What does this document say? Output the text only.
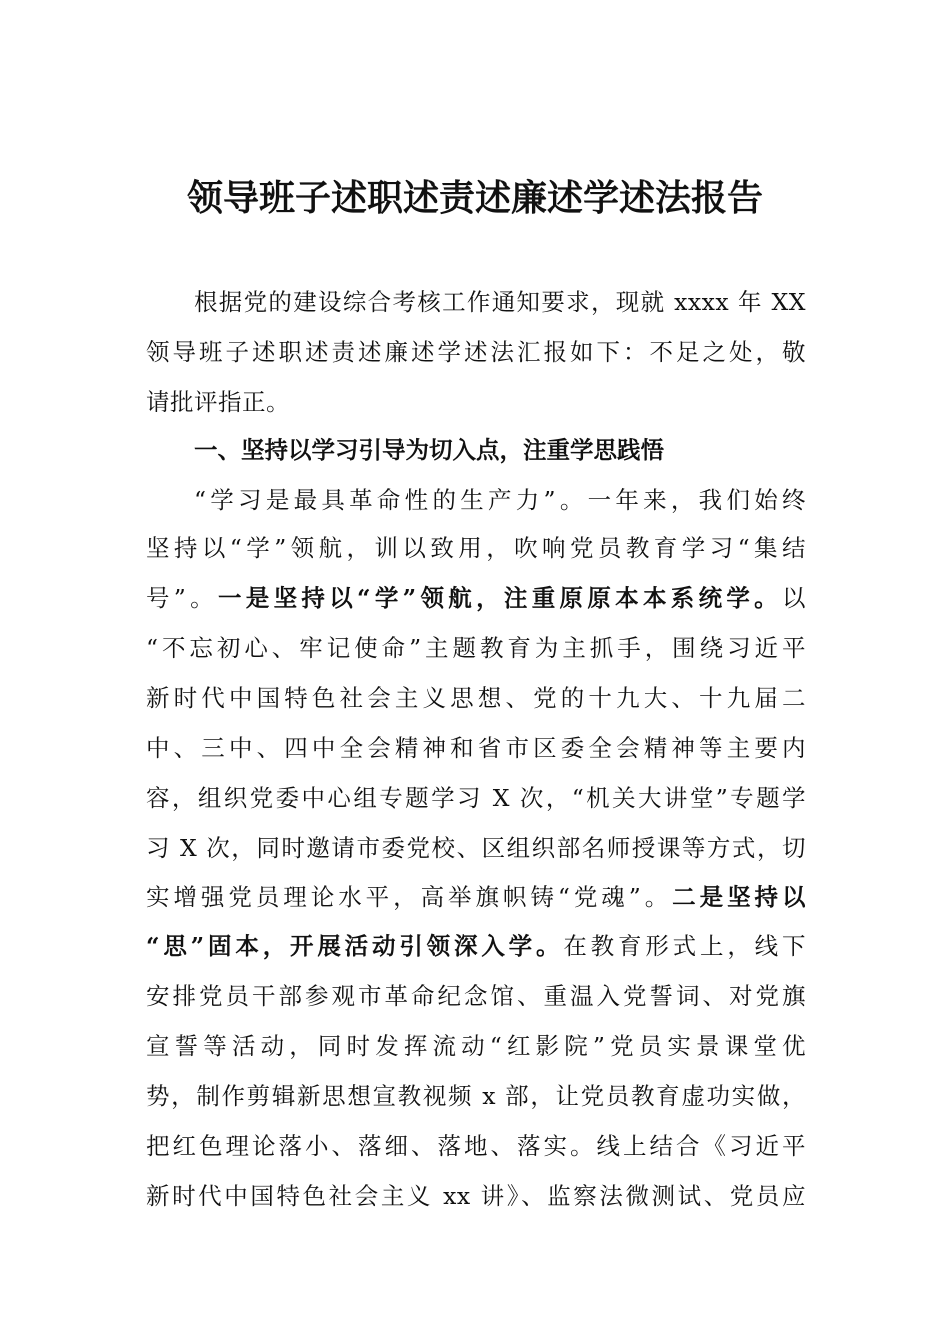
领导班子述职述责述廉述学述法报告
根据党的建设综合考核工作通知要求，现就 xxxx 年 XX
领导班子述职述责述廉述学述法汇报如下：不足之处，敬
请批评指正。
一、坚持以学习引导为切入点，注重学思践悟
“学习是最具革命性的生产力”。一年来，我们始终
坚持以“学”领航，训以致用，吹响党员教育学习“集结
号”。一是坚持以“学”领航，注重原原本本系统学。以
“不忘初心、牢记使命”主题教育为主抓手，围绕习近平
新时代中国特色社会主义思想、党的十九大、十九届二
中、三中、四中全会精神和省市区委全会精神等主要内
容，组织党委中心组专题学习 X 次，“机关大讲堂”专题学
习 X 次，同时邀请市委党校、区组织部名师授课等方式，切
实增强党员理论水平，高举旗帜铸“党魂”。二是坚持以
“思”固本，开展活动引领深入学。在教育形式上，线下
安排党员干部参观市革命纪念馆、重温入党誓词、对党旗
宣誓等活动，同时发挥流动“红影院”党员实景课堂优
势，制作剪辑新思想宣教视频 x 部，让党员教育虚功实做，
把红色理论落小、落细、落地、落实。线上结合《习近平
新时代中国特色社会主义 xx 讲》、监察法微测试、党员应
